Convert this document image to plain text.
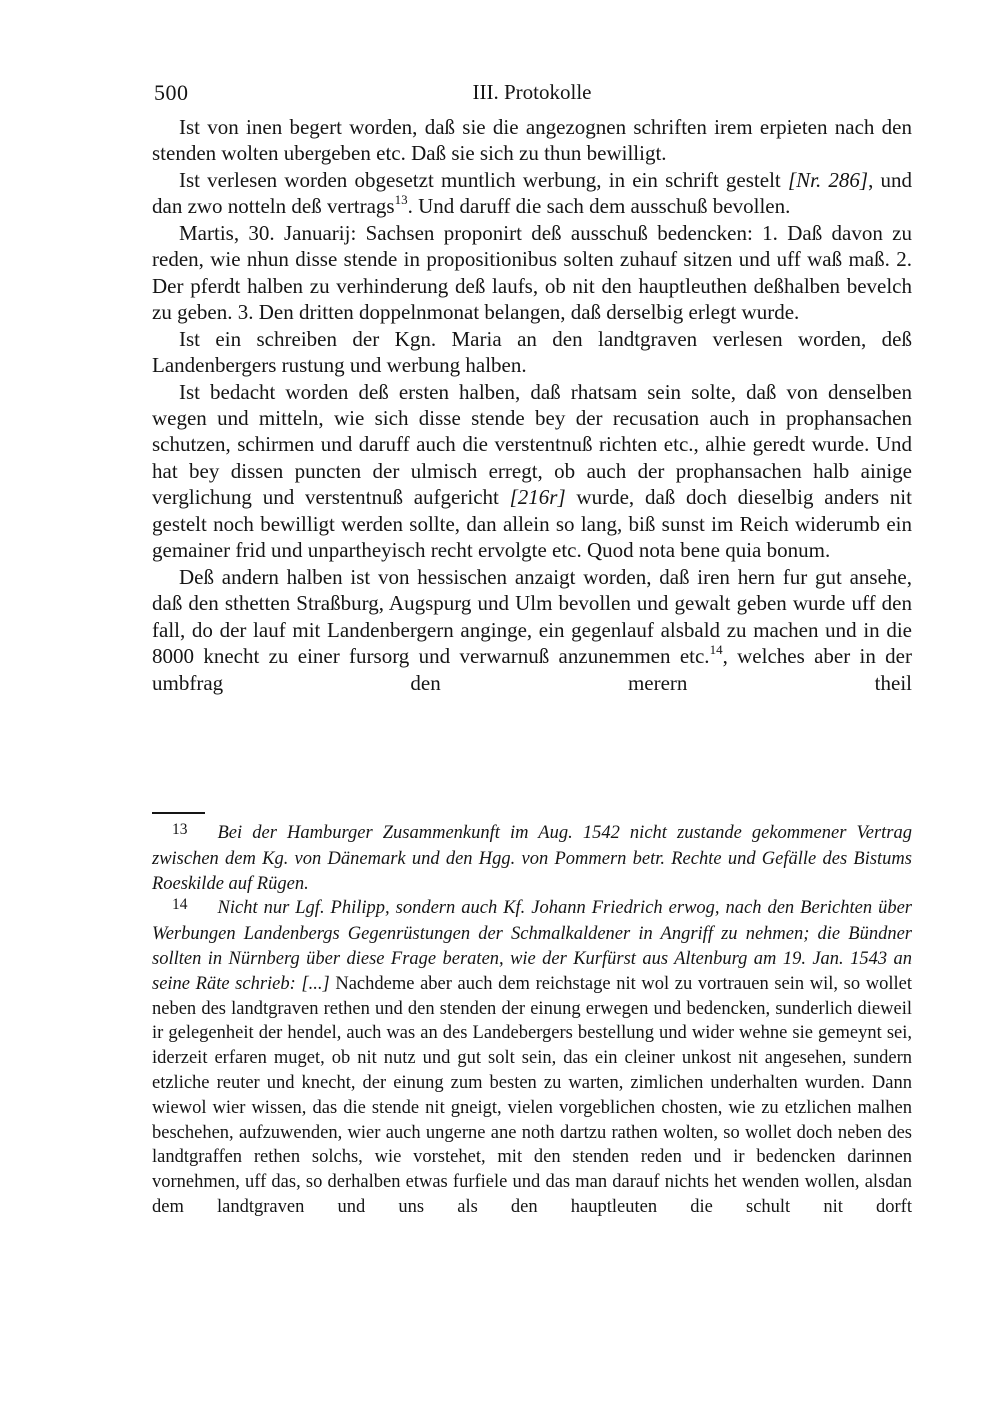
III. Protokolle
500

Ist von inen begert worden, daß sie die angezognen schriften irem erpieten nach den stenden wolten ubergeben etc. Daß sie sich zu thun bewilligt.

Ist verlesen worden obgesetzt muntlich werbung, in ein schrift gestelt [Nr. 286], und dan zwo notteln deß vertrags$^{13}$. Und daruff die sach dem ausschuß bevollen.

Martis, 30. Januarij: Sachsen proponirt deß ausschuß bedencken: 1. Daß davon zu reden, wie nhun disse stende in propositionibus solten zuhauf sitzen und uff waß maß. 2. Der pferdt halben zu verhinderung deß laufs, ob nit den hauptleuthen deßhalben bevelch zu geben. 3. Den dritten doppelnmonat belangen, daß derselbig erlegt wurde.

Ist ein schreiben der Kgn. Maria an den landtgraven verlesen worden, deß Landenbergers rustung und werbung halben.

Ist bedacht worden deß ersten halben, daß rhatsam sein solte, daß von denselben wegen und mitteln, wie sich disse stende bey der recusation auch in prophansachen schutzen, schirmen und daruff auch die verstentnuß richten etc., alhie geredt wurde. Und hat bey dissen puncten der ulmisch erregt, ob auch der prophansachen halb ainige verglichung und verstentnuß aufgericht [216r] wurde, daß doch dieselbig anders nit gestelt noch bewilligt werden sollte, dan allein so lang, biß sunst im Reich widerumb ein gemainer frid und unpartheyisch recht ervolgte etc. Quod nota bene quia bonum.

Deß andern halben ist von hessischen anzaigt worden, daß iren hern fur gut ansehe, daß den sthetten Straßburg, Augspurg und Ulm bevollen und gewalt geben wurde uff den fall, do der lauf mit Landenbergern anginge, ein gegenlauf alsbald zu machen und in die 8000 knecht zu einer fursorg und verwarnuß anzunemmen etc.$^{14}$, welches aber in der umbfrag den merern theil

$^{13}$ Bei der Hamburger Zusammenkunft im Aug. 1542 nicht zustande gekommener Vertrag zwischen dem Kg. von Dänemark und den Hgg. von Pommern betr. Rechte und Gefälle des Bistums Roeskilde auf Rügen.

$^{14}$ Nicht nur Lgf. Philipp, sondern auch Kf. Johann Friedrich erwog, nach den Berichten über Werbungen Landenbergs Gegenrüstungen der Schmalkaldener in Angriff zu nehmen; die Bündner sollten in Nürnberg über diese Frage beraten, wie der Kurfürst aus Altenburg am 19. Jan. 1543 an seine Räte schrieb: [...] Nachdeme aber auch dem reichstage nit wol zu vortrauen sein wil, so wollet neben des landtgraven rethen und den stenden der einung erwegen und bedencken, sunderlich dieweil ir gelegenheit der hendel, auch was an des Landebergers bestellung und wider wehne sie gemeynt sei, iderzeit erfaren muget, ob nit nutz und gut solt sein, das ein cleiner unkost nit angesehen, sundern etzliche reuter und knecht, der einung zum besten zu warten, zimlichen underhalten wurden. Dann wiewol wier wissen, das die stende nit gneigt, vielen vorgeblichen chosten, wie zu etzlichen malhen beschehen, aufzuwenden, wier auch ungerne ane noth dartzu rathen wolten, so wollet doch neben des landtgraffen rethen solchs, wie vorstehet, mit den stenden reden und ir bedencken darinnen vornehmen, uff das, so derhalben etwas furfiele und das man darauf nichts het wenden wollen, alsdan dem landtgraven und uns als den hauptleuten die schult nit dorft
